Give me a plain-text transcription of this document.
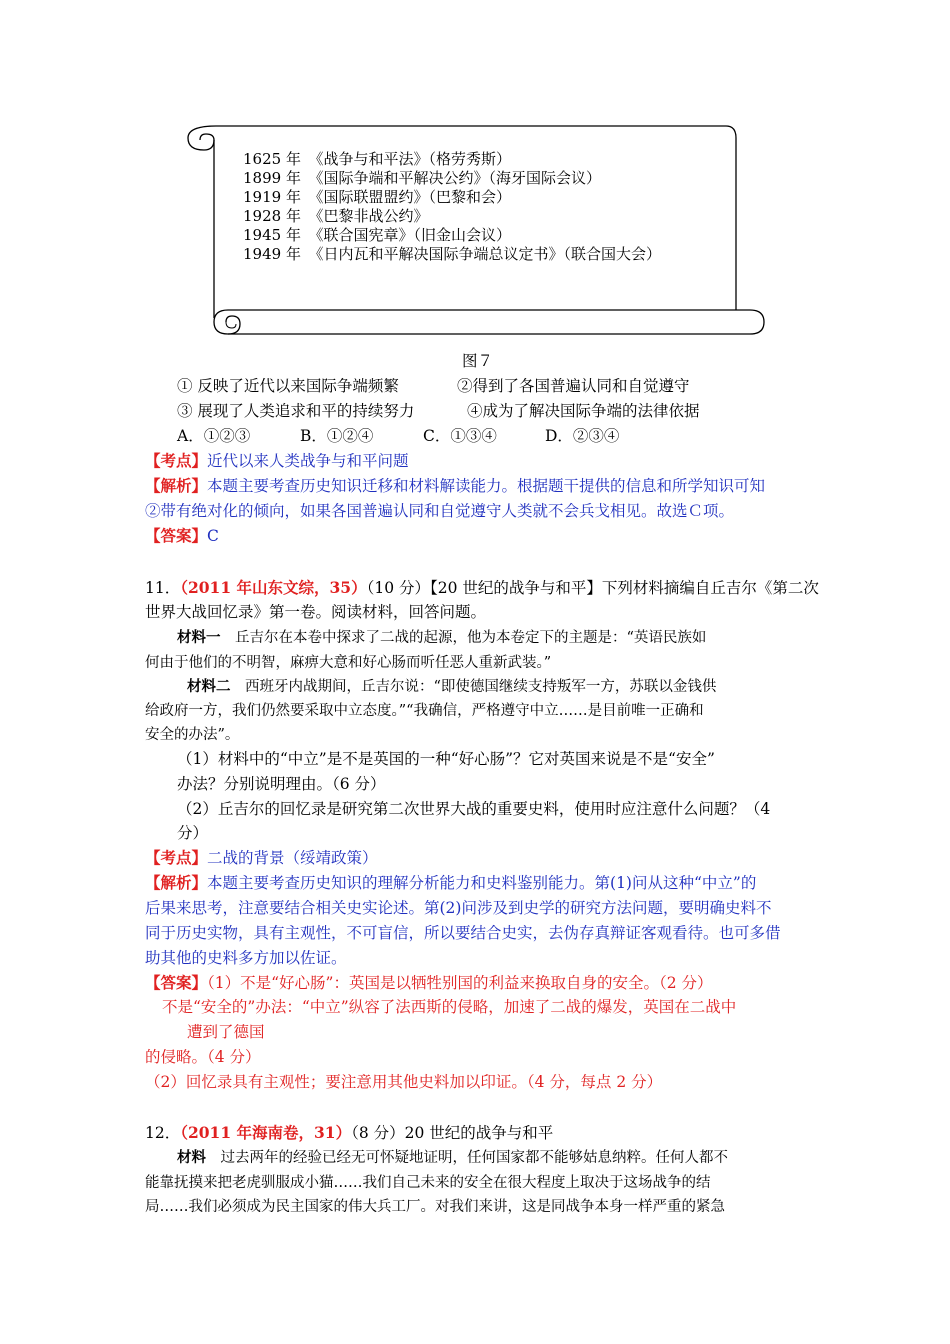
1625 年　 《战争与和平法》（格劳秀斯）
1899 年　 《国际争端和平解决公约》（海牙国际会议）
1919 年　 《国际联盟盟约》（巴黎和会）
1928 年　 《巴黎非战公约》
1945 年　 《联合国宪章》（旧金山会议）
1949 年　 《日内瓦和平解决国际争端总议定书》（联合国大会）
图７
① 反映了近代以来国际争端频繁	②得到了各国普遍认同和自觉遵守
③ 展现了人类追求和平的持续努力	④成为了解决国际争端的法律依据
A．①②③	B．①②④	C．①③④	D．②③④
【考点】近代以来人类战争与和平问题
【解析】本题主要考查历史知识迁移和材料解读能力。根据题干提供的信息和所学知识可知
②带有绝对化的倾向，如果各国普遍认同和自觉遵守人类就不会兵戈相见。故选Ｃ项。
【答案】C
11．（2011 年山东文综，35）（10 分）【20 世纪的战争与和平】下列材料摘编自丘吉尔《第二次
世界大战回忆录》第一卷。阅读材料，回答问题。
材料一　 丘吉尔在本卷中探求了二战的起源，他为本卷定下的主题是：“英语民族如
何由于他们的不明智，麻痹大意和好心肠而听任恶人重新武装。”
材料二　 西班牙内战期间，丘吉尔说：“即使德国继续支持叛军一方，苏联以金钱供
给政府一方，我们仍然要采取中立态度。”“我确信，严格遵守中立……是目前唯一正确和
安全的办法”。
（1）材料中的“中立”是不是英国的一种“好心肠”？它对英国来说是不是“安全”
办法？分别说明理由。（6 分）
（2）丘吉尔的回忆录是研究第二次世界大战的重要史料，使用时应注意什么问题？（4
分）
【考点】二战的背景（绥靖政策）
【解析】本题主要考查历史知识的理解分析能力和史料鉴别能力。第(1)问从这种“中立”的
后果来思考，注意要结合相关史实论述。第(2)问涉及到史学的研究方法问题，要明确史料不
同于历史实物，具有主观性，不可盲信，所以要结合史实，去伪存真辩证客观看待。也可多借
助其他的史料多方加以佐证。
【答案】（1）不是“好心肠”：英国是以牺牲别国的利益来换取自身的安全。（2 分）
不是“安全的”办法：“中立”纵容了法西斯的侵略，加速了二战的爆发，英国在二战中
遭到了德国
的侵略。（4 分）
（2）回忆录具有主观性；要注意用其他史料加以印证。（4 分，每点 2 分）
12．（2011 年海南卷，31）（8 分）20 世纪的战争与和平
材料　 过去两年的经验已经无可怀疑地证明，任何国家都不能够姑息纳粹。任何人都不
能靠抚摸来把老虎驯服成小猫……我们自己未来的安全在很大程度上取决于这场战争的结
局……我们必须成为民主国家的伟大兵工厂。对我们来讲，这是同战争本身一样严重的紧急
